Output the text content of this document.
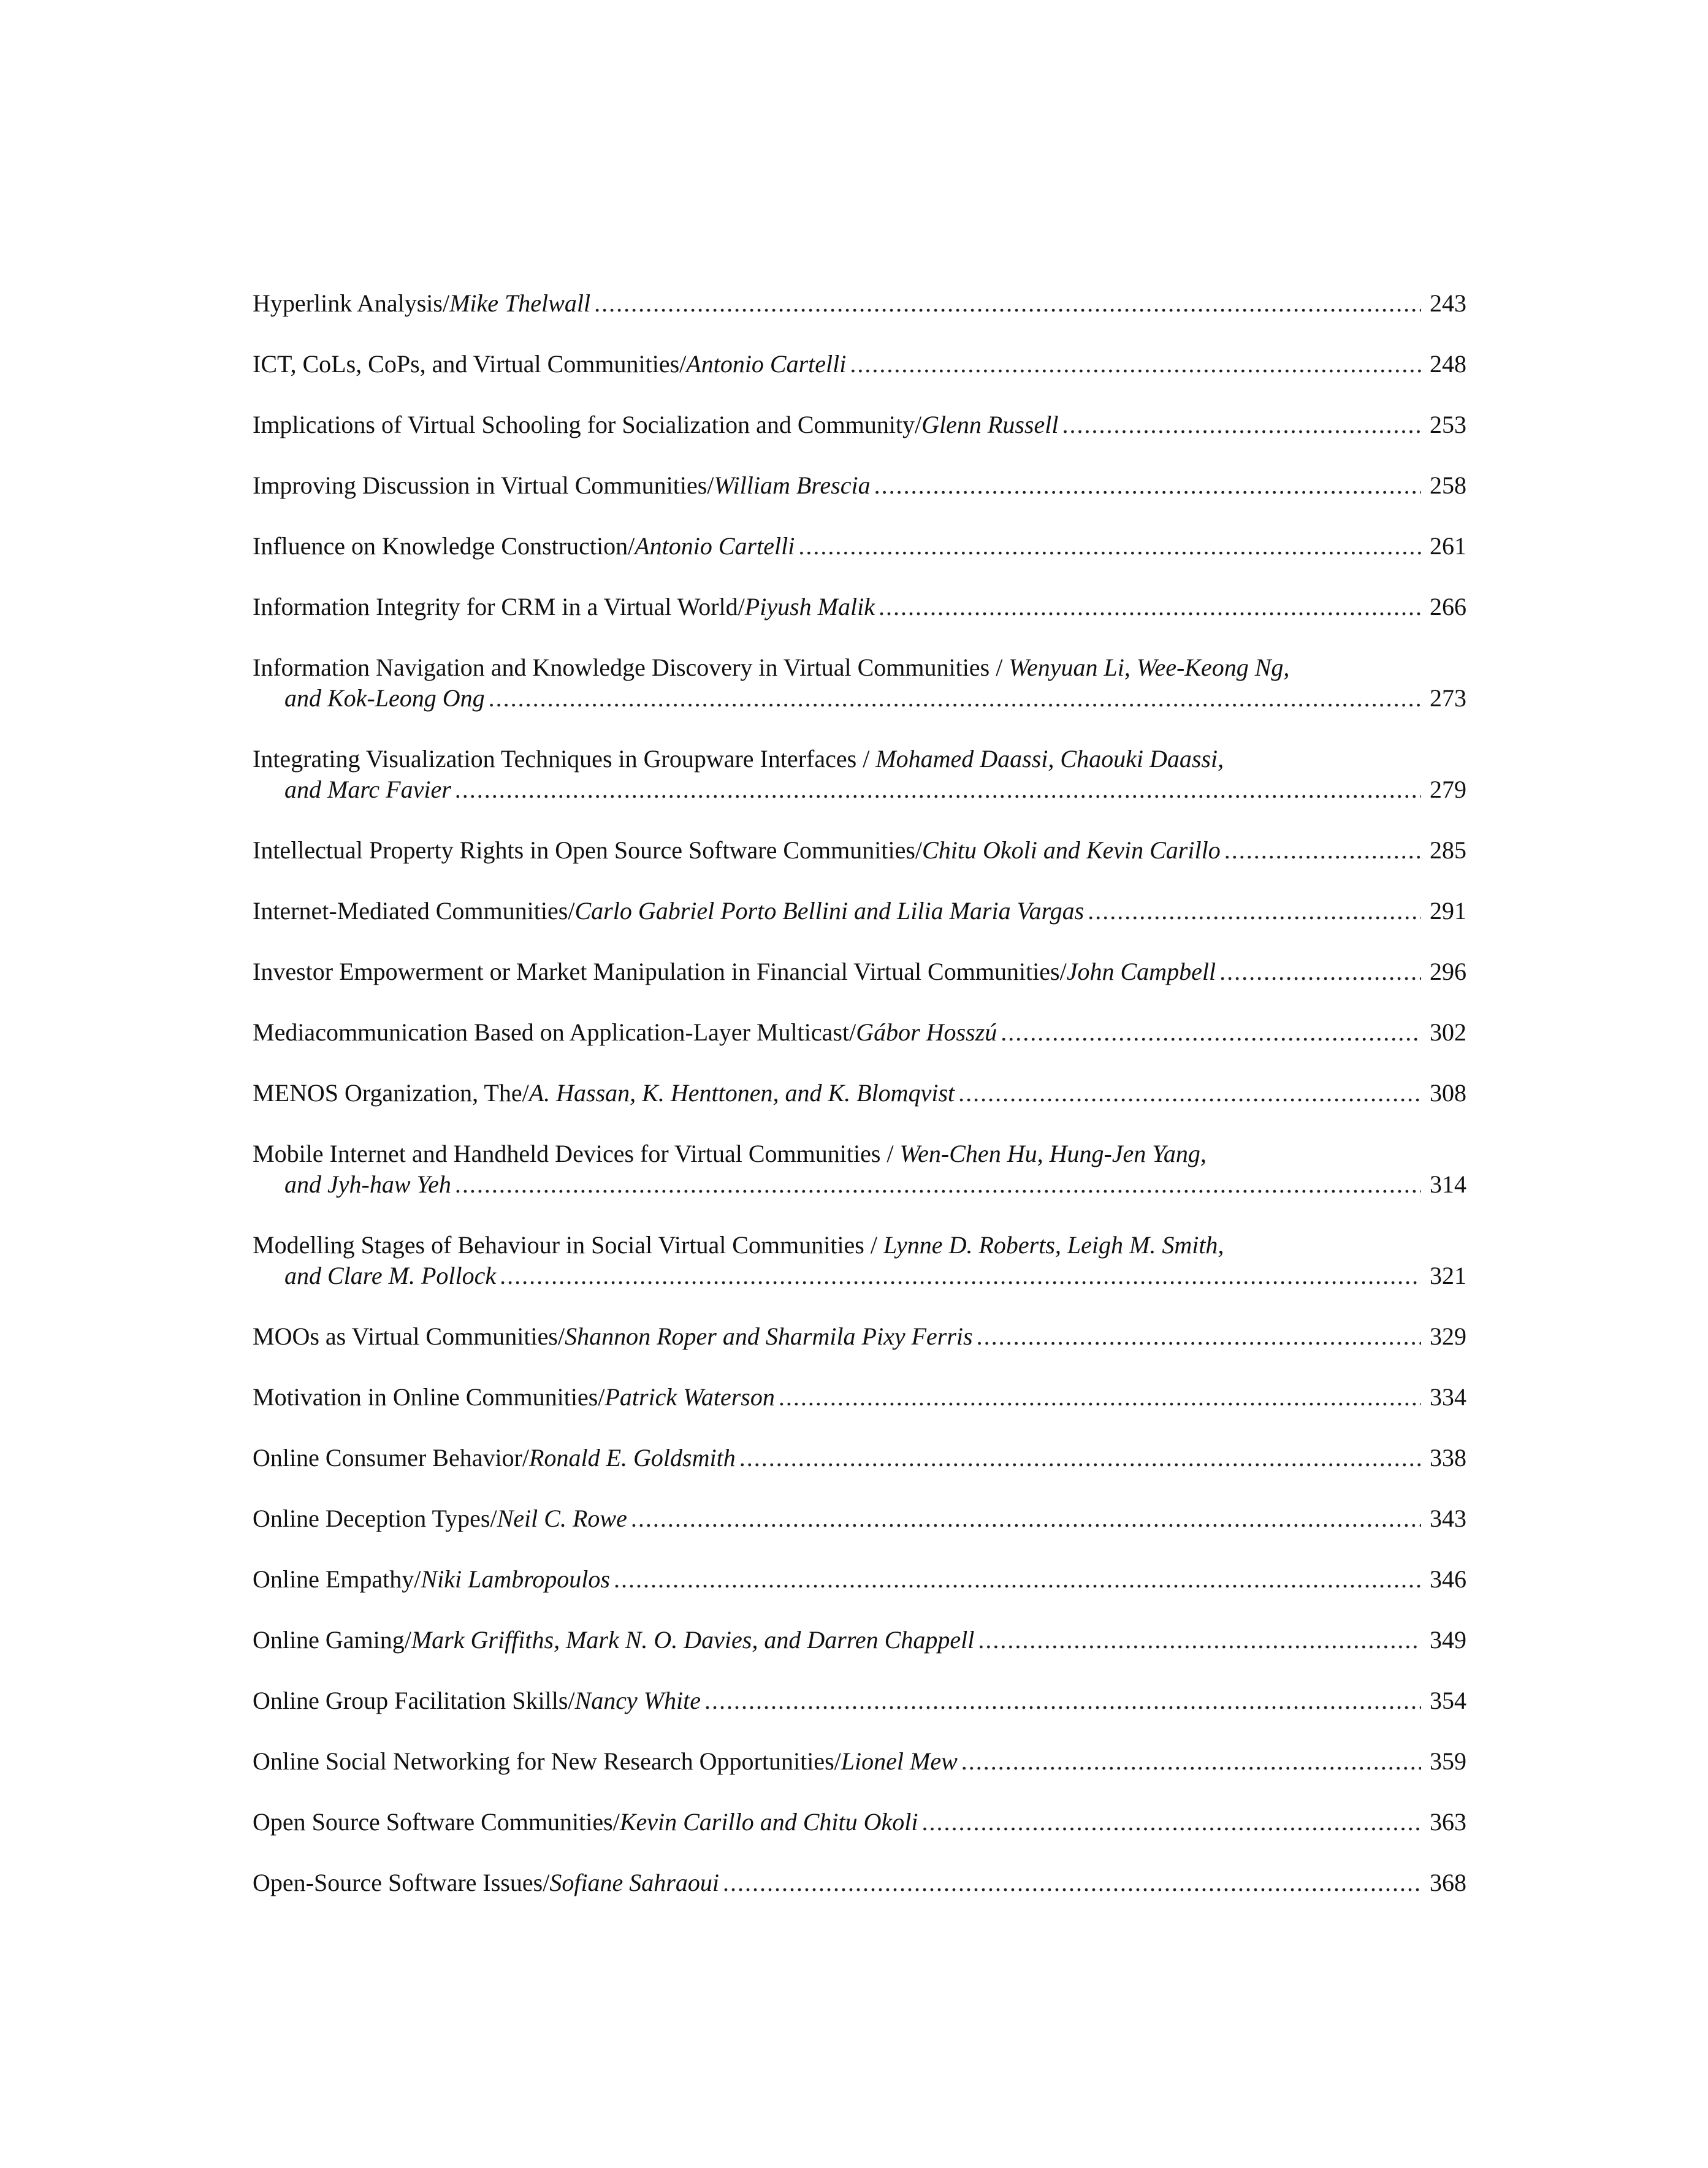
Hyperlink Analysis / Mike Thelwall .....	243
ICT, CoLs, CoPs, and Virtual Communities / Antonio Cartelli .....	248
Implications of Virtual Schooling for Socialization and Community / Glenn Russell .....	253
Improving Discussion in Virtual Communities / William Brescia .....	258
Influence on Knowledge Construction / Antonio Cartelli .....	261
Information Integrity for CRM in a Virtual World / Piyush Malik .....	266
Information Navigation and Knowledge Discovery in Virtual Communities / Wenyuan Li, Wee-Keong Ng,
and Kok-Leong Ong .....	273
Integrating Visualization Techniques in Groupware Interfaces / Mohamed Daassi, Chaouki Daassi,
and Marc Favier .....	279
Intellectual Property Rights in Open Source Software Communities / Chitu Okoli and Kevin Carillo .....	285
Internet-Mediated Communities / Carlo Gabriel Porto Bellini and Lilia Maria Vargas .....	291
Investor Empowerment or Market Manipulation in Financial Virtual Communities / John Campbell .....	296
Mediacommunication Based on Application-Layer Multicast / Gábor Hosszú .....	302
MENOS Organization, The / A. Hassan, K. Henttonen, and K. Blomqvist .....	308
Mobile Internet and Handheld Devices for Virtual Communities / Wen-Chen Hu, Hung-Jen Yang,
and Jyh-haw Yeh .....	314
Modelling Stages of Behaviour in Social Virtual Communities / Lynne D. Roberts, Leigh M. Smith,
and Clare M. Pollock .....	321
MOOs as Virtual Communities / Shannon Roper and Sharmila Pixy Ferris .....	329
Motivation in Online Communities / Patrick Waterson .....	334
Online Consumer Behavior / Ronald E. Goldsmith .....	338
Online Deception Types / Neil C. Rowe .....	343
Online Empathy / Niki Lambropoulos .....	346
Online Gaming / Mark Griffiths, Mark N. O. Davies, and Darren Chappell .....	349
Online Group Facilitation Skills / Nancy White .....	354
Online Social Networking for New Research Opportunities / Lionel Mew .....	359
Open Source Software Communities / Kevin Carillo and Chitu Okoli .....	363
Open-Source Software Issues / Sofiane Sahraoui .....	368
